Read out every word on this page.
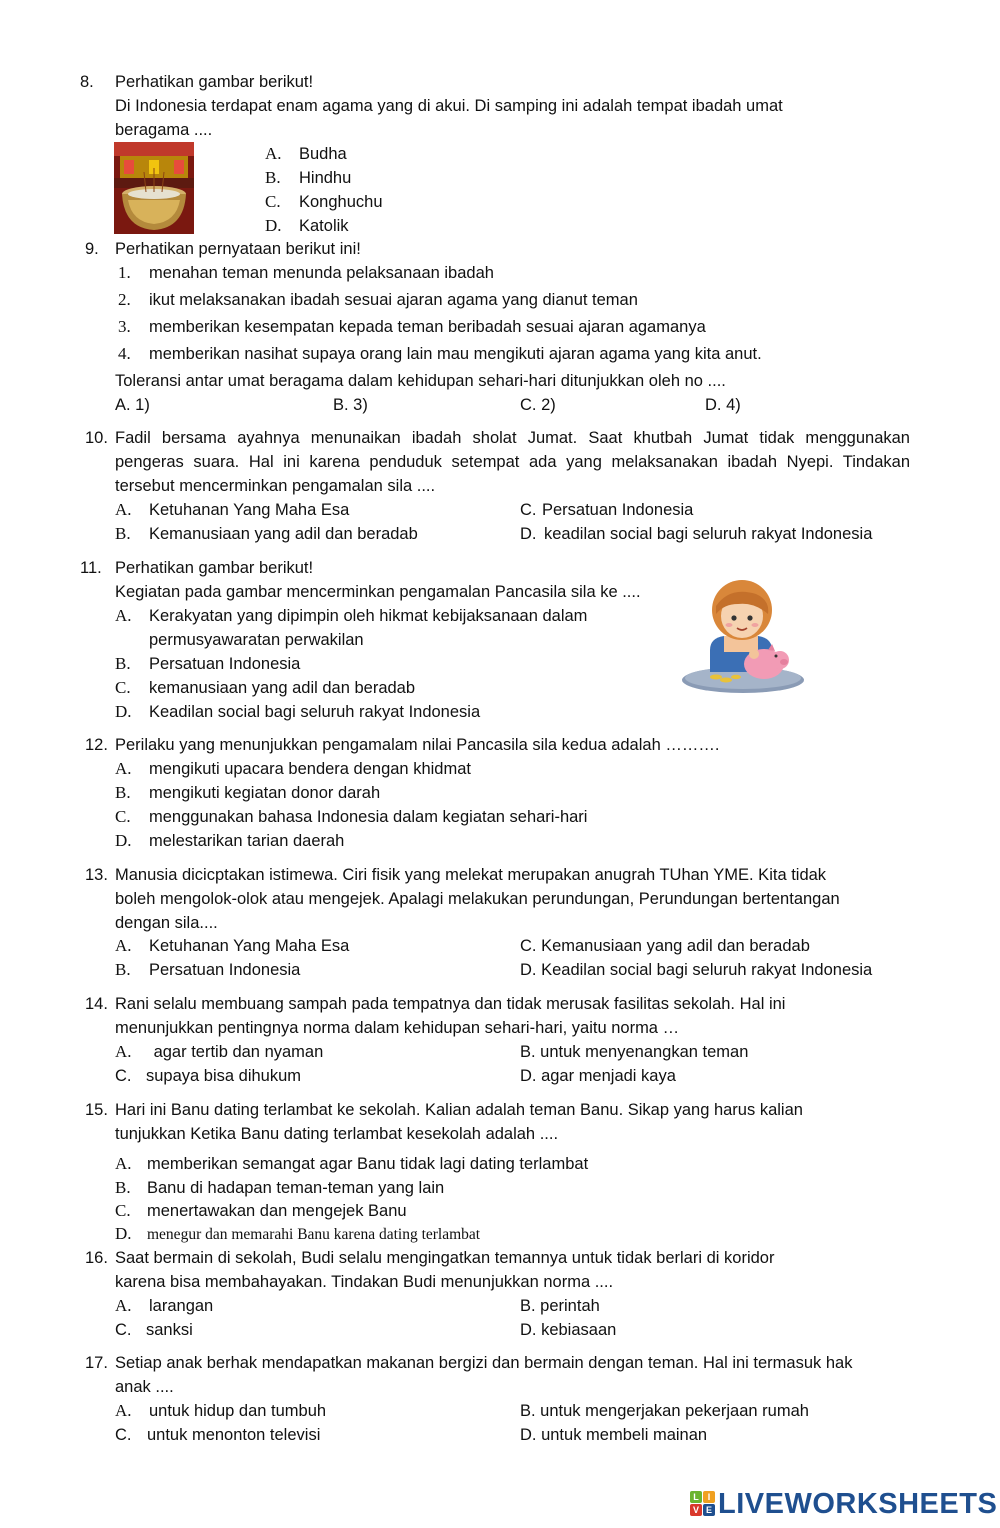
8. Perhatikan gambar berikut!
Di Indonesia terdapat enam agama yang di akui. Di samping ini adalah tempat ibadah umat
beragama ....
A. Budha
B. Hindhu
C. Konghuchu
D. Katolik
9. Perhatikan pernyataan berikut ini!
1. menahan teman menunda pelaksanaan ibadah
2. ikut melaksanakan ibadah sesuai ajaran agama yang dianut teman
3. memberikan kesempatan kepada teman beribadah sesuai ajaran agamanya
4. memberikan nasihat supaya orang lain mau mengikuti ajaran agama yang kita anut.
Toleransi antar umat beragama dalam kehidupan sehari-hari ditunjukkan oleh no ....
A. 1)	B. 3)	C. 2)	D. 4)
10. Fadil bersama ayahnya menunaikan ibadah sholat Jumat. Saat khutbah Jumat tidak menggunakan
pengeras suara. Hal ini karena penduduk setempat ada yang melaksanakan ibadah Nyepi. Tindakan
tersebut mencerminkan pengamalan sila ....
A. Ketuhanan Yang Maha Esa	C. Persatuan Indonesia
B. Kemanusiaan yang adil dan beradab	D. keadilan social bagi seluruh rakyat Indonesia
11. Perhatikan gambar berikut!
Kegiatan pada gambar mencerminkan pengamalan Pancasila sila ke ....
A. Kerakyatan yang dipimpin oleh hikmat kebijaksanaan dalam
permusyawaratan perwakilan
B. Persatuan Indonesia
C. kemanusiaan yang adil dan beradab
D. Keadilan social bagi seluruh rakyat Indonesia
12. Perilaku yang menunjukkan pengamalam nilai Pancasila sila kedua adalah ……….
A. mengikuti upacara bendera dengan khidmat
B. mengikuti kegiatan donor darah
C. menggunakan bahasa Indonesia dalam kegiatan sehari-hari
D. melestarikan tarian daerah
13. Manusia dicicptakan istimewa. Ciri fisik yang melekat merupakan anugrah TUhan YME. Kita tidak
boleh mengolok-olok atau mengejek. Apalagi melakukan perundungan, Perundungan bertentangan
dengan sila....
A. Ketuhanan Yang Maha Esa	C. Kemanusiaan yang adil dan beradab
B. Persatuan Indonesia	D. Keadilan social bagi seluruh rakyat Indonesia
14. Rani selalu membuang sampah pada tempatnya dan tidak merusak fasilitas sekolah. Hal ini
menunjukkan pentingnya norma dalam kehidupan sehari-hari, yaitu norma …
A. agar tertib dan nyaman	B. untuk menyenangkan teman
C. supaya bisa dihukum	D. agar menjadi kaya
15. Hari ini Banu dating terlambat ke sekolah. Kalian adalah teman Banu. Sikap yang harus kalian
tunjukkan Ketika Banu dating terlambat kesekolah adalah ....
A. memberikan semangat agar Banu tidak lagi dating terlambat
B. Banu di hadapan teman-teman yang lain
C. menertawakan dan mengejek Banu
D. menegur dan memarahi Banu karena dating terlambat
16. Saat bermain di sekolah, Budi selalu mengingatkan temannya untuk tidak berlari di koridor
karena bisa membahayakan. Tindakan Budi menunjukkan norma ....
A. larangan	B. perintah
C. sanksi	D. kebiasaan
17. Setiap anak berhak mendapatkan makanan bergizi dan bermain dengan teman. Hal ini termasuk hak
anak ....
A. untuk hidup dan tumbuh	B. untuk mengerjakan pekerjaan rumah
C. untuk menonton televisi	D. untuk membeli mainan
L I
V E LIVEWORKSHEETS
